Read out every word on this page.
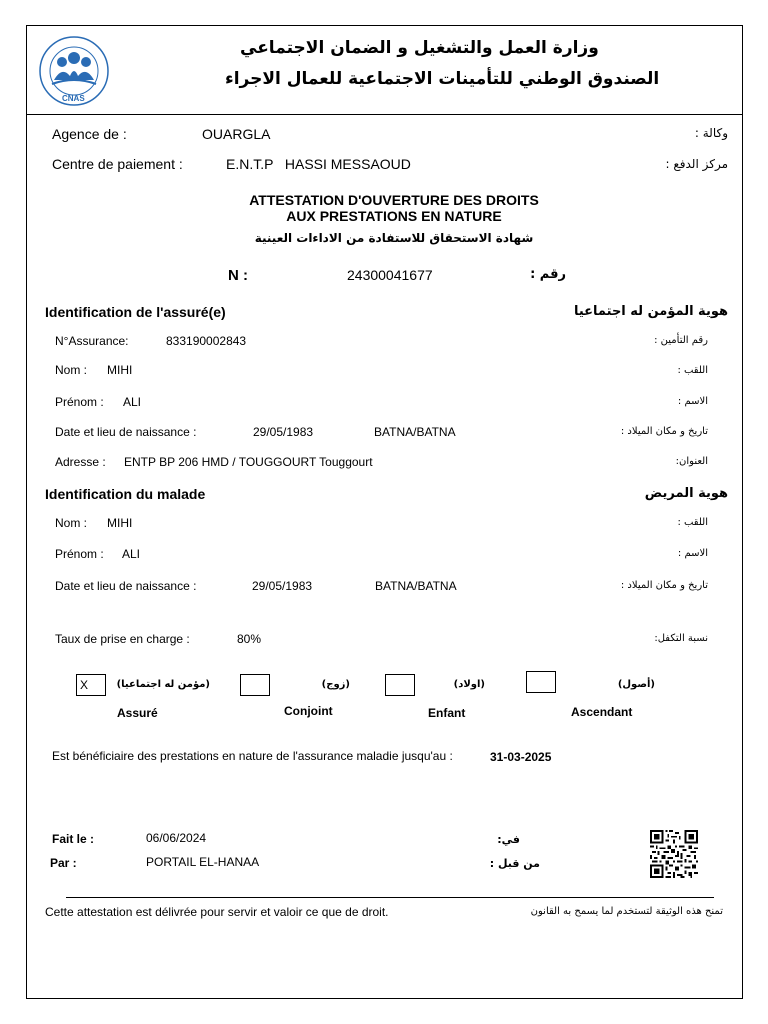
CNAS
وزارة العمل والتشغيل و الضمان الاجتماعي
الصندوق الوطني للتأمينات الاجتماعية للعمال الاجراء
Agence de :	OUARGLA	وكالة :
Centre de paiement :	E.N.T.P   HASSI MESSAOUD	مركز الدفع :
ATTESTATION D'OUVERTURE DES DROITS
AUX PRESTATIONS EN NATURE
شهادة الاستحقاق للاستفادة من الاداءات العينية
N :	24300041677	رقم :
Identification de l'assuré(e)	هوية المؤمن له اجتماعيا
N°Assurance:	833190002843	رقم التأمين :
Nom : MIHI	اللقب :
Prénom : ALI	الاسم :
Date et lieu de naissance :	29/05/1983	BATNA/BATNA	تاريخ و مكان الميلاد :
Adresse : ENTP BP 206 HMD / TOUGGOURT Touggourt	العنوان:
Identification du malade	هوية المريض
Nom : MIHI	اللقب :
Prénom : ALI	الاسم :
Date et lieu de naissance :	29/05/1983	BATNA/BATNA	تاريخ و مكان الميلاد :
Taux de prise en charge :	80%	نسبة التكفل:
X	(مؤمن له اجتماعيا)
Assuré
(زوج)
Conjoint
(اولاد)
Enfant
(أصول)
Ascendant
Est bénéficiaire des prestations en nature de l'assurance maladie jusqu'au :	31-03-2025
Fait le :	06/06/2024	في:
Par :	PORTAIL EL-HANAA	من قبل :
Cette attestation est délivrée pour servir et valoir ce que de droit.	تمنح هذه الوثيقة لتستخدم لما يسمح به القانون
